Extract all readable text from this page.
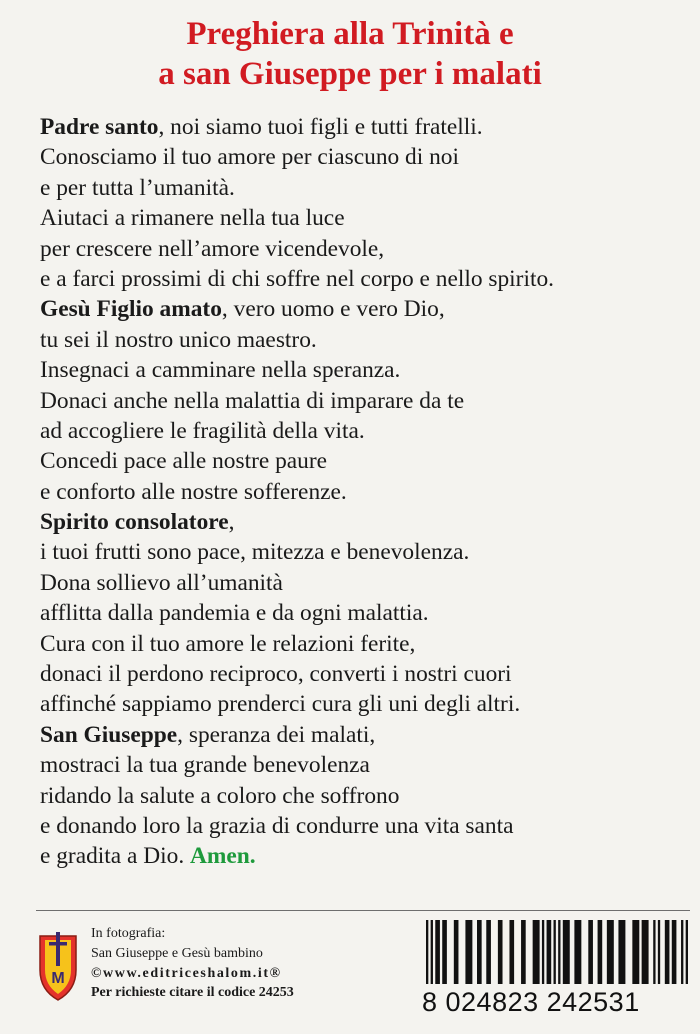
Preghiera alla Trinità e
a san Giuseppe per i malati
Padre santo, noi siamo tuoi figli e tutti fratelli.
Conosciamo il tuo amore per ciascuno di noi
e per tutta l’umanità.
Aiutaci a rimanere nella tua luce
per crescere nell’amore vicendevole,
e a farci prossimi di chi soffre nel corpo e nello spirito.
Gesù Figlio amato, vero uomo e vero Dio,
tu sei il nostro unico maestro.
Insegnaci a camminare nella speranza.
Donaci anche nella malattia di imparare da te
ad accogliere le fragilità della vita.
Concedi pace alle nostre paure
e conforto alle nostre sofferenze.
Spirito consolatore,
i tuoi frutti sono pace, mitezza e benevolenza.
Dona sollievo all’umanità
afflitta dalla pandemia e da ogni malattia.
Cura con il tuo amore le relazioni ferite,
donaci il perdono reciproco, converti i nostri cuori
affinché sappiamo prenderci cura gli uni degli altri.
San Giuseppe, speranza dei malati,
mostraci la tua grande benevolenza
ridando la salute a coloro che soffrono
e donando loro la grazia di condurre una vita santa
e gradita a Dio. Amen.
M
In fotografia:
San Giuseppe e Gesù bambino
©www.editriceshalom.it®
Per richieste citare il codice 24253	8 024823 242531
